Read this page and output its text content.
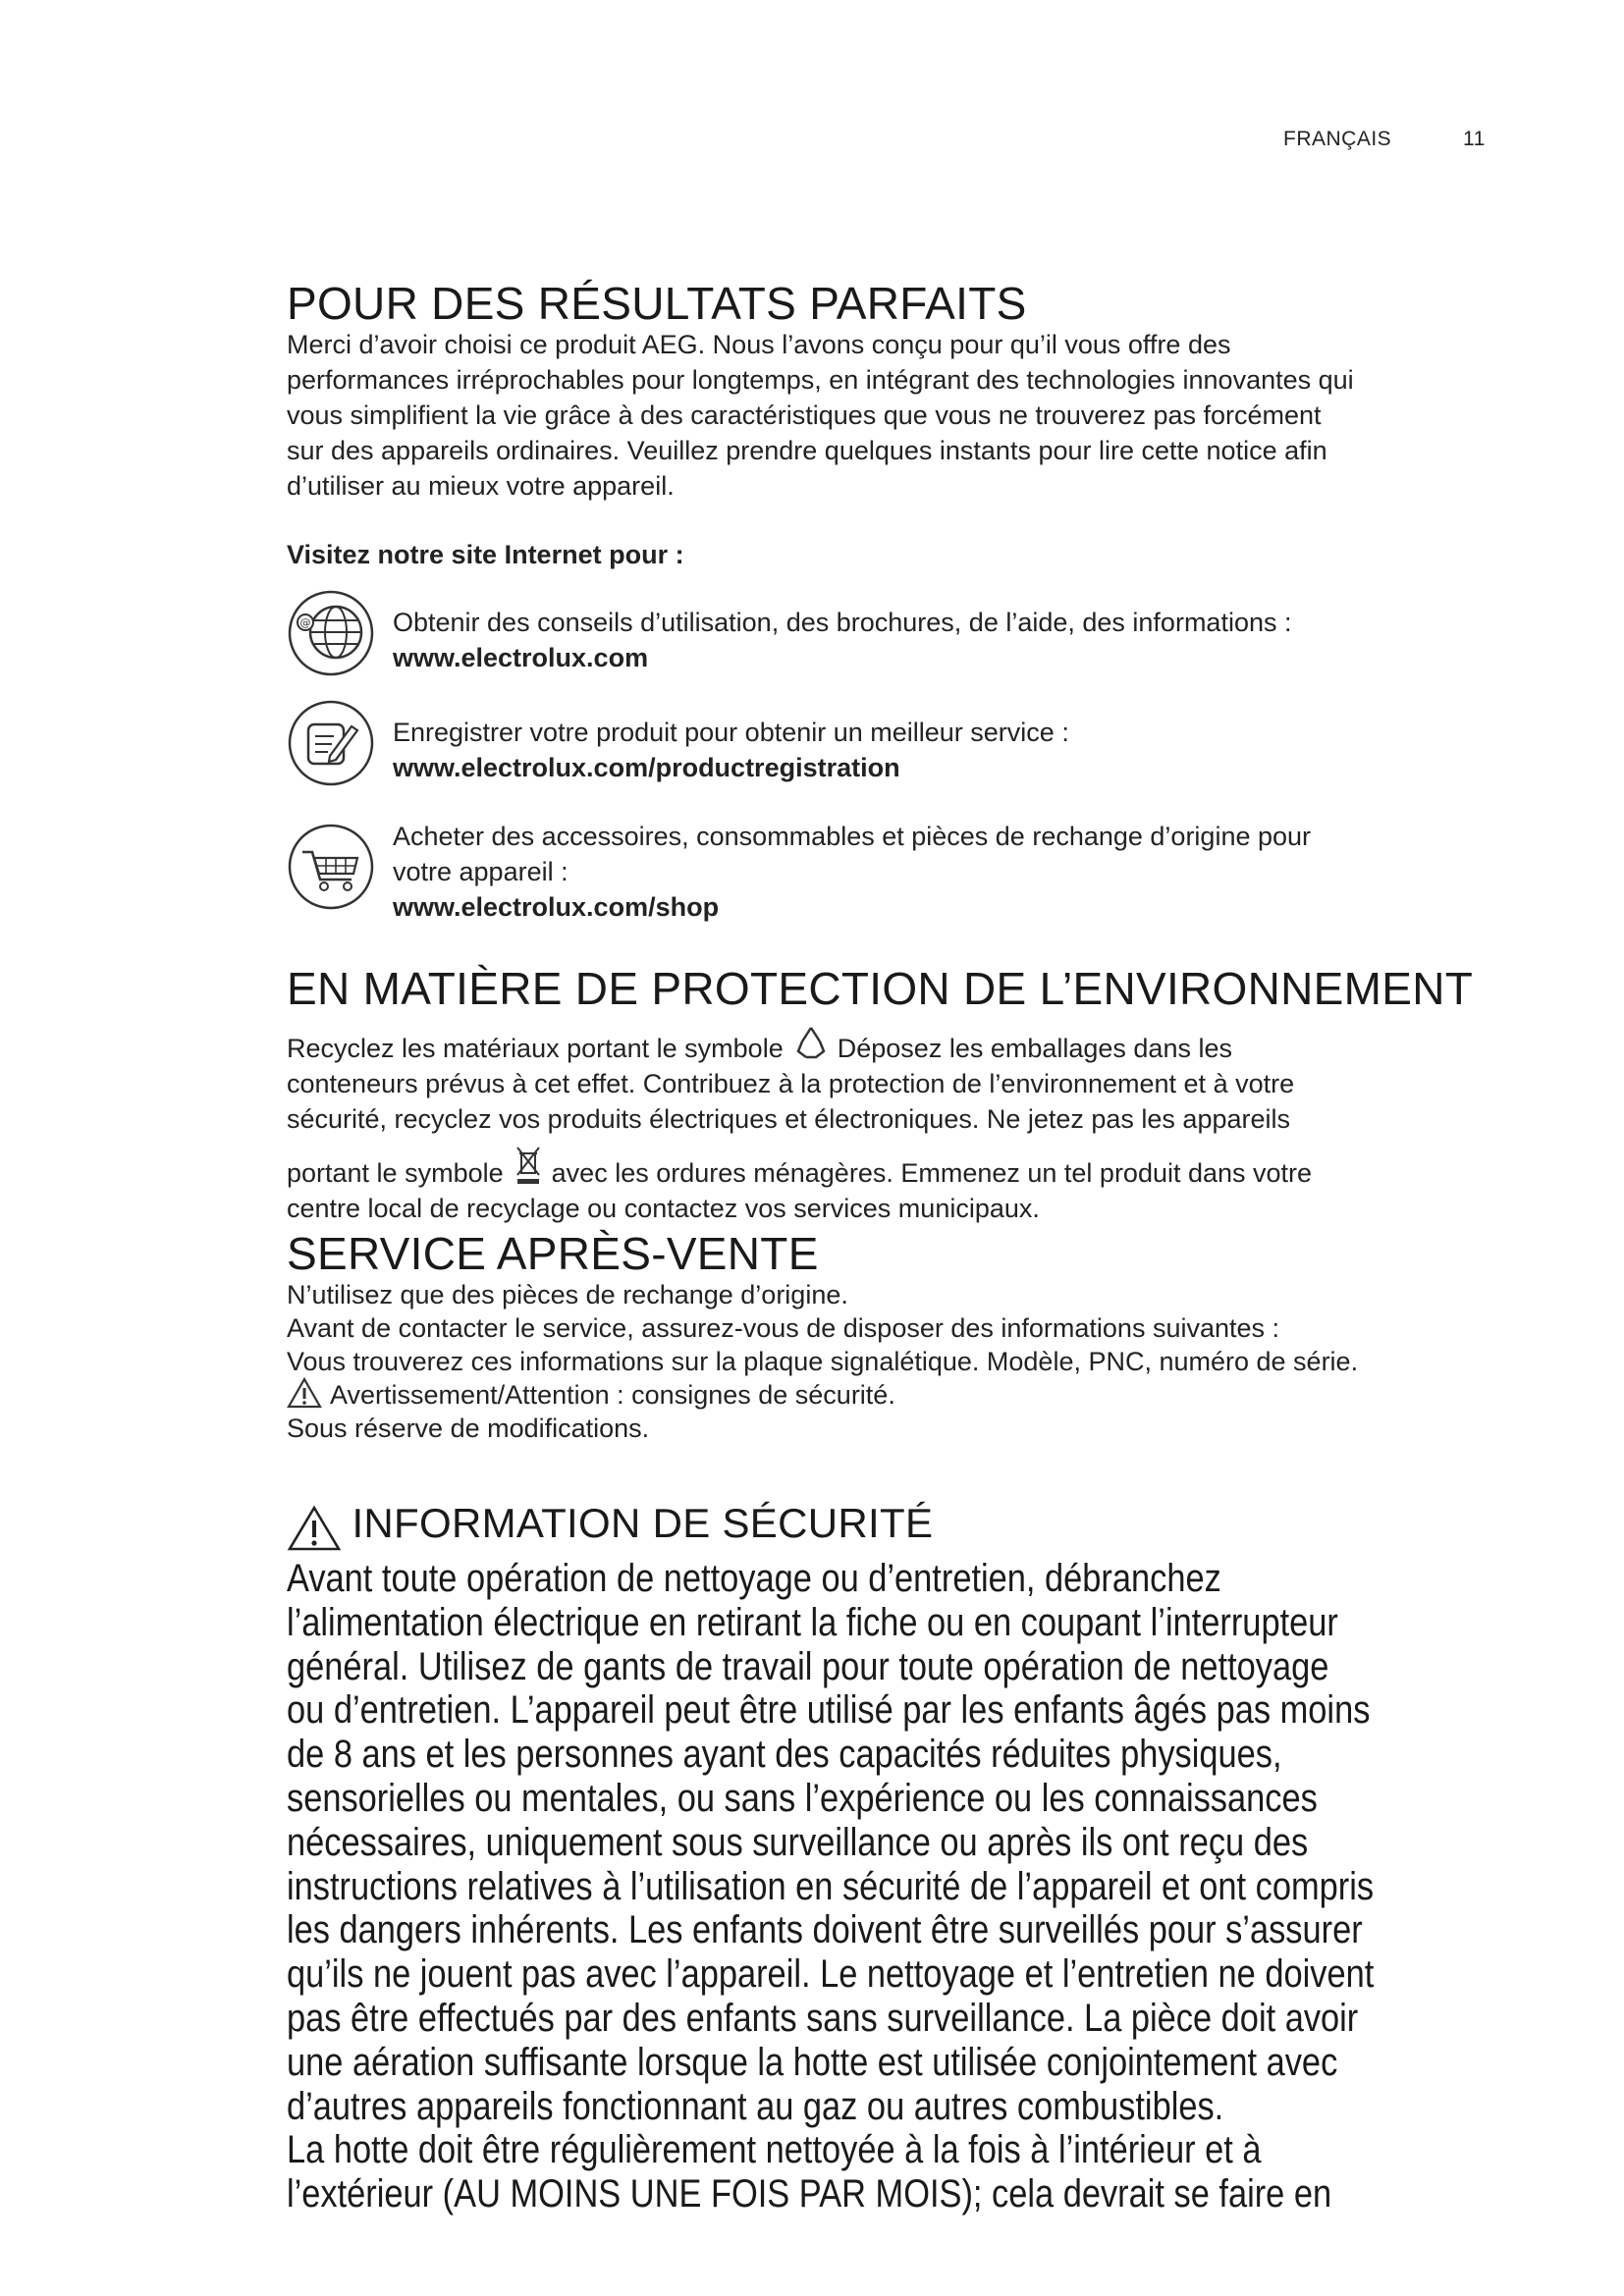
FRANÇAIS	11
POUR DES RÉSULTATS PARFAITS
Merci d’avoir choisi ce produit AEG. Nous l’avons conçu pour qu’il vous offre des
performances irréprochables pour longtemps, en intégrant des technologies innovantes qui
vous simplifient la vie grâce à des caractéristiques que vous ne trouverez pas forcément
sur des appareils ordinaires. Veuillez prendre quelques instants pour lire cette notice afin
d’utiliser au mieux votre appareil.
Visitez notre site Internet pour :
@	Obtenir des conseils d’utilisation, des brochures, de l’aide, des informations :
www.electrolux.com
Enregistrer votre produit pour obtenir un meilleur service :
www.electrolux.com/productregistration
Acheter des accessoires, consommables et pièces de rechange d’origine pour
votre appareil :
www.electrolux.com/shop
EN MATIÈRE DE PROTECTION DE L’ENVIRONNEMENT
Recyclez les matériaux portant le symbole Déposez les emballages dans les
conteneurs prévus à cet effet. Contribuez à la protection de l’environnement et à votre
sécurité, recyclez vos produits électriques et électroniques. Ne jetez pas les appareils
portant le symbole avec les ordures ménagères. Emmenez un tel produit dans votre
centre local de recyclage ou contactez vos services municipaux.
SERVICE APRÈS-VENTE
N’utilisez que des pièces de rechange d’origine.
Avant de contacter le service, assurez-vous de disposer des informations suivantes :
Vous trouverez ces informations sur la plaque signalétique. Modèle, PNC, numéro de série.
Avertissement/Attention : consignes de sécurité.
Sous réserve de modifications.
INFORMATION DE SÉCURITÉ
Avant toute opération de nettoyage ou d’entretien, débranchez
l’alimentation électrique en retirant la fiche ou en coupant l’interrupteur
général. Utilisez de gants de travail pour toute opération de nettoyage
ou d’entretien. L’appareil peut être utilisé par les enfants âgés pas moins
de 8 ans et les personnes ayant des capacités réduites physiques,
sensorielles ou mentales, ou sans l’expérience ou les connaissances
nécessaires, uniquement sous surveillance ou après ils ont reçu des
instructions relatives à l’utilisation en sécurité de l’appareil et ont compris
les dangers inhérents. Les enfants doivent être surveillés pour s’assurer
qu’ils ne jouent pas avec l’appareil. Le nettoyage et l’entretien ne doivent
pas être effectués par des enfants sans surveillance. La pièce doit avoir
une aération suffisante lorsque la hotte est utilisée conjointement avec
d’autres appareils fonctionnant au gaz ou autres combustibles.
La hotte doit être régulièrement nettoyée à la fois à l’intérieur et à
l’extérieur (AU MOINS UNE FOIS PAR MOIS); cela devrait se faire en
